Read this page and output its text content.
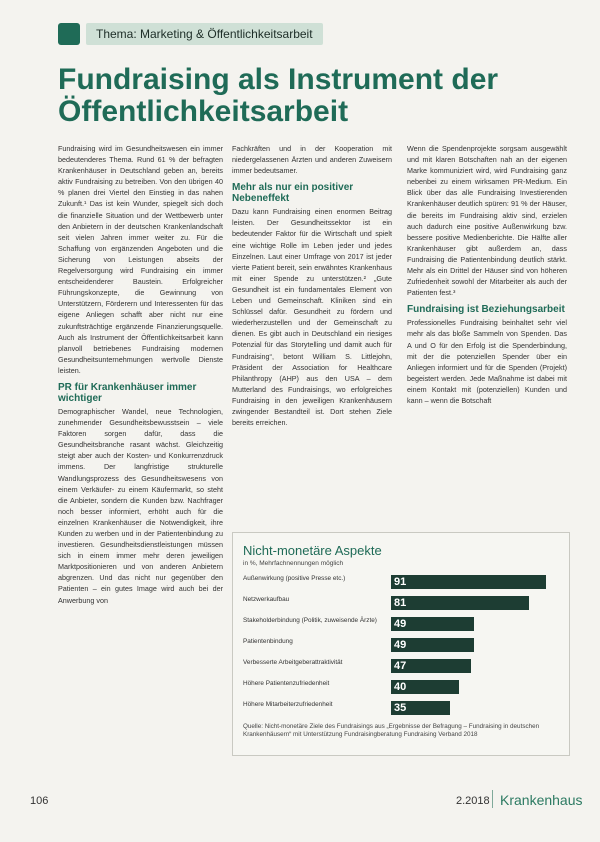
Thema: Marketing & Öffentlichkeitsarbeit
Fundraising als Instrument der Öffentlichkeitsarbeit

Fundraising wird im Gesundheitswesen ein immer bedeutenderes Thema. Rund 61 % der befragten Krankenhäuser in Deutschland geben an, bereits aktiv Fundraising zu betreiben. Von den übrigen 40 % planen drei Viertel den Einstieg in das nahen Zukunft.¹ Das ist kein Wunder, spiegelt sich doch die finanzielle Situation und der Wettbewerb unter den Anbietern in der deutschen Krankenlandschaft seit vielen Jahren immer weiter zu. Für die Schaffung von ergänzenden Angeboten und die Sicherung von Leistungen abseits der Regelversorgung wird Fundraising ein immer entscheidenderer Baustein. Erfolgreicher Führungskonzepte, die Gewinnung von Unterstützern, Förderern und Interessenten für das eigene Anliegen schafft aber nicht nur eine zukunftsträchtige ergänzende Finanzierungsquelle. Auch als Instrument der Öffentlichkeitsarbeit kann planvoll betriebenes Fundraising modernen Gesundheitsunternehmungen wertvolle Dienste leisten.

PR für Krankenhäuser immer wichtiger

Demographischer Wandel, neue Technologien, zunehmender Gesundheitsbewusstsein – viele Faktoren sorgen dafür, dass die Gesundheitsbranche rasant wächst. Gleichzeitig steigt aber auch der Kosten- und Konkurrenzdruck immens. Der langfristige strukturelle Wandlungsprozess des Gesundheitswesens von einem Verkäufer- zu einem Käufermarkt, so steht die Anbieter, sondern die Kunden bzw. Nachfrager noch besser informiert, erhöht auch für die einzelnen Krankenhäuser die Notwendigkeit, ihre Kunden zu werben und in der Patientenbindung zu investieren. Gesundheitsdienstleistungen müssen sich in einem immer mehr deren jeweiligen Marktpositionieren und von anderen Anbietern abgrenzen. Und das nicht nur gegenüber den Patienten – ein gutes Image wird auch bei der Anwerbung von

Fachkräften und in der Kooperation mit niedergelassenen Ärzten und anderen Zuweisern immer bedeutsamer.

Mehr als nur ein positiver Nebeneffekt

Dazu kann Fundraising einen enormen Beitrag leisten. Der Gesundheitssektor ist ein bedeutender Faktor für die Wirtschaft und spielt eine wichtige Rolle im Leben jeder und jedes Einzelnen. Laut einer Umfrage von 2017 ist jeder vierte Patient bereit, sein erwähntes Krankenhaus mit einer Spende zu unterstützen.² „Gute Gesundheit ist ein fundamentales Element von Leben und Gemeinschaft. Kliniken sind ein Schlüssel dafür. Gesundheit zu fördern und wiederherzustellen und der Gemeinschaft zu dienen. Es gibt auch in Deutschland ein riesiges Potenzial für das Storytelling und damit auch für Fundraising“, betont William S. Littlejohn, Präsident der Association for Healthcare Philanthropy (AHP) aus den USA – dem Mutterland des Fundraisings, wo erfolgreiches Fundraising in den jeweiligen Krankenhäusern zwingender Bestandteil ist. Dort stehen Ziele bereits erreichen.

Wenn die Spendenprojekte sorgsam ausgewählt und mit klaren Botschaften nah an der eigenen Marke kommuniziert wird, wird Fundraising ganz nebenbei zu einem wirksamen PR-Medium. Ein Blick über das alle Fundraising Investierenden Krankenhäuser deutlich spüren: 91 % der Häuser, die bereits im Fundraising aktiv sind, erzielen auch dadurch eine positive Außenwirkung bzw. bessere positive Medienberichte. Die Hälfte aller Krankenhäuser gibt außerdem an, dass Fundraising die Patientenbindung deutlich stärkt. Mehr als ein Drittel der Häuser sind von höheren Zufriedenheit sowohl der Mitarbeiter als auch der Patienten fest.³

Fundraising ist Beziehungsarbeit

Professionelles Fundraising beinhaltet sehr viel mehr als das bloße Sammeln von Spenden. Das A und O für den Erfolg ist die Spenderbindung, mit der die potenziellen Spender über ein Anliegen informiert und für die Spenden (Projekt) begeistert werden. Jede Maßnahme ist dabei mit einem Kontakt mit (potenziellen) Kunden und kann – wenn die Botschaft

Nicht-monetäre Aspekte
in %, Mehrfachnennungen möglich
Außenwirkung (positive Presse etc.)	91
Netzwerkaufbau	81
Stakeholderbindung (Politik, zuweisende Ärzte)	49
Patientenbindung	49
Verbesserte Arbeitgeberattraktivität	47
Höhere Patientenzufriedenheit	40
Höhere Mitarbeiterzufriedenheit	35
Quelle: Nicht-monetäre Ziele des Fundraisings aus „Ergebnisse der Befragung – Fundraising in deutschen Krankenhäusern“ mit Unterstützung Fundraisingberatung Fundraising Verband 2018
106	2.2018 Krankenhaus
